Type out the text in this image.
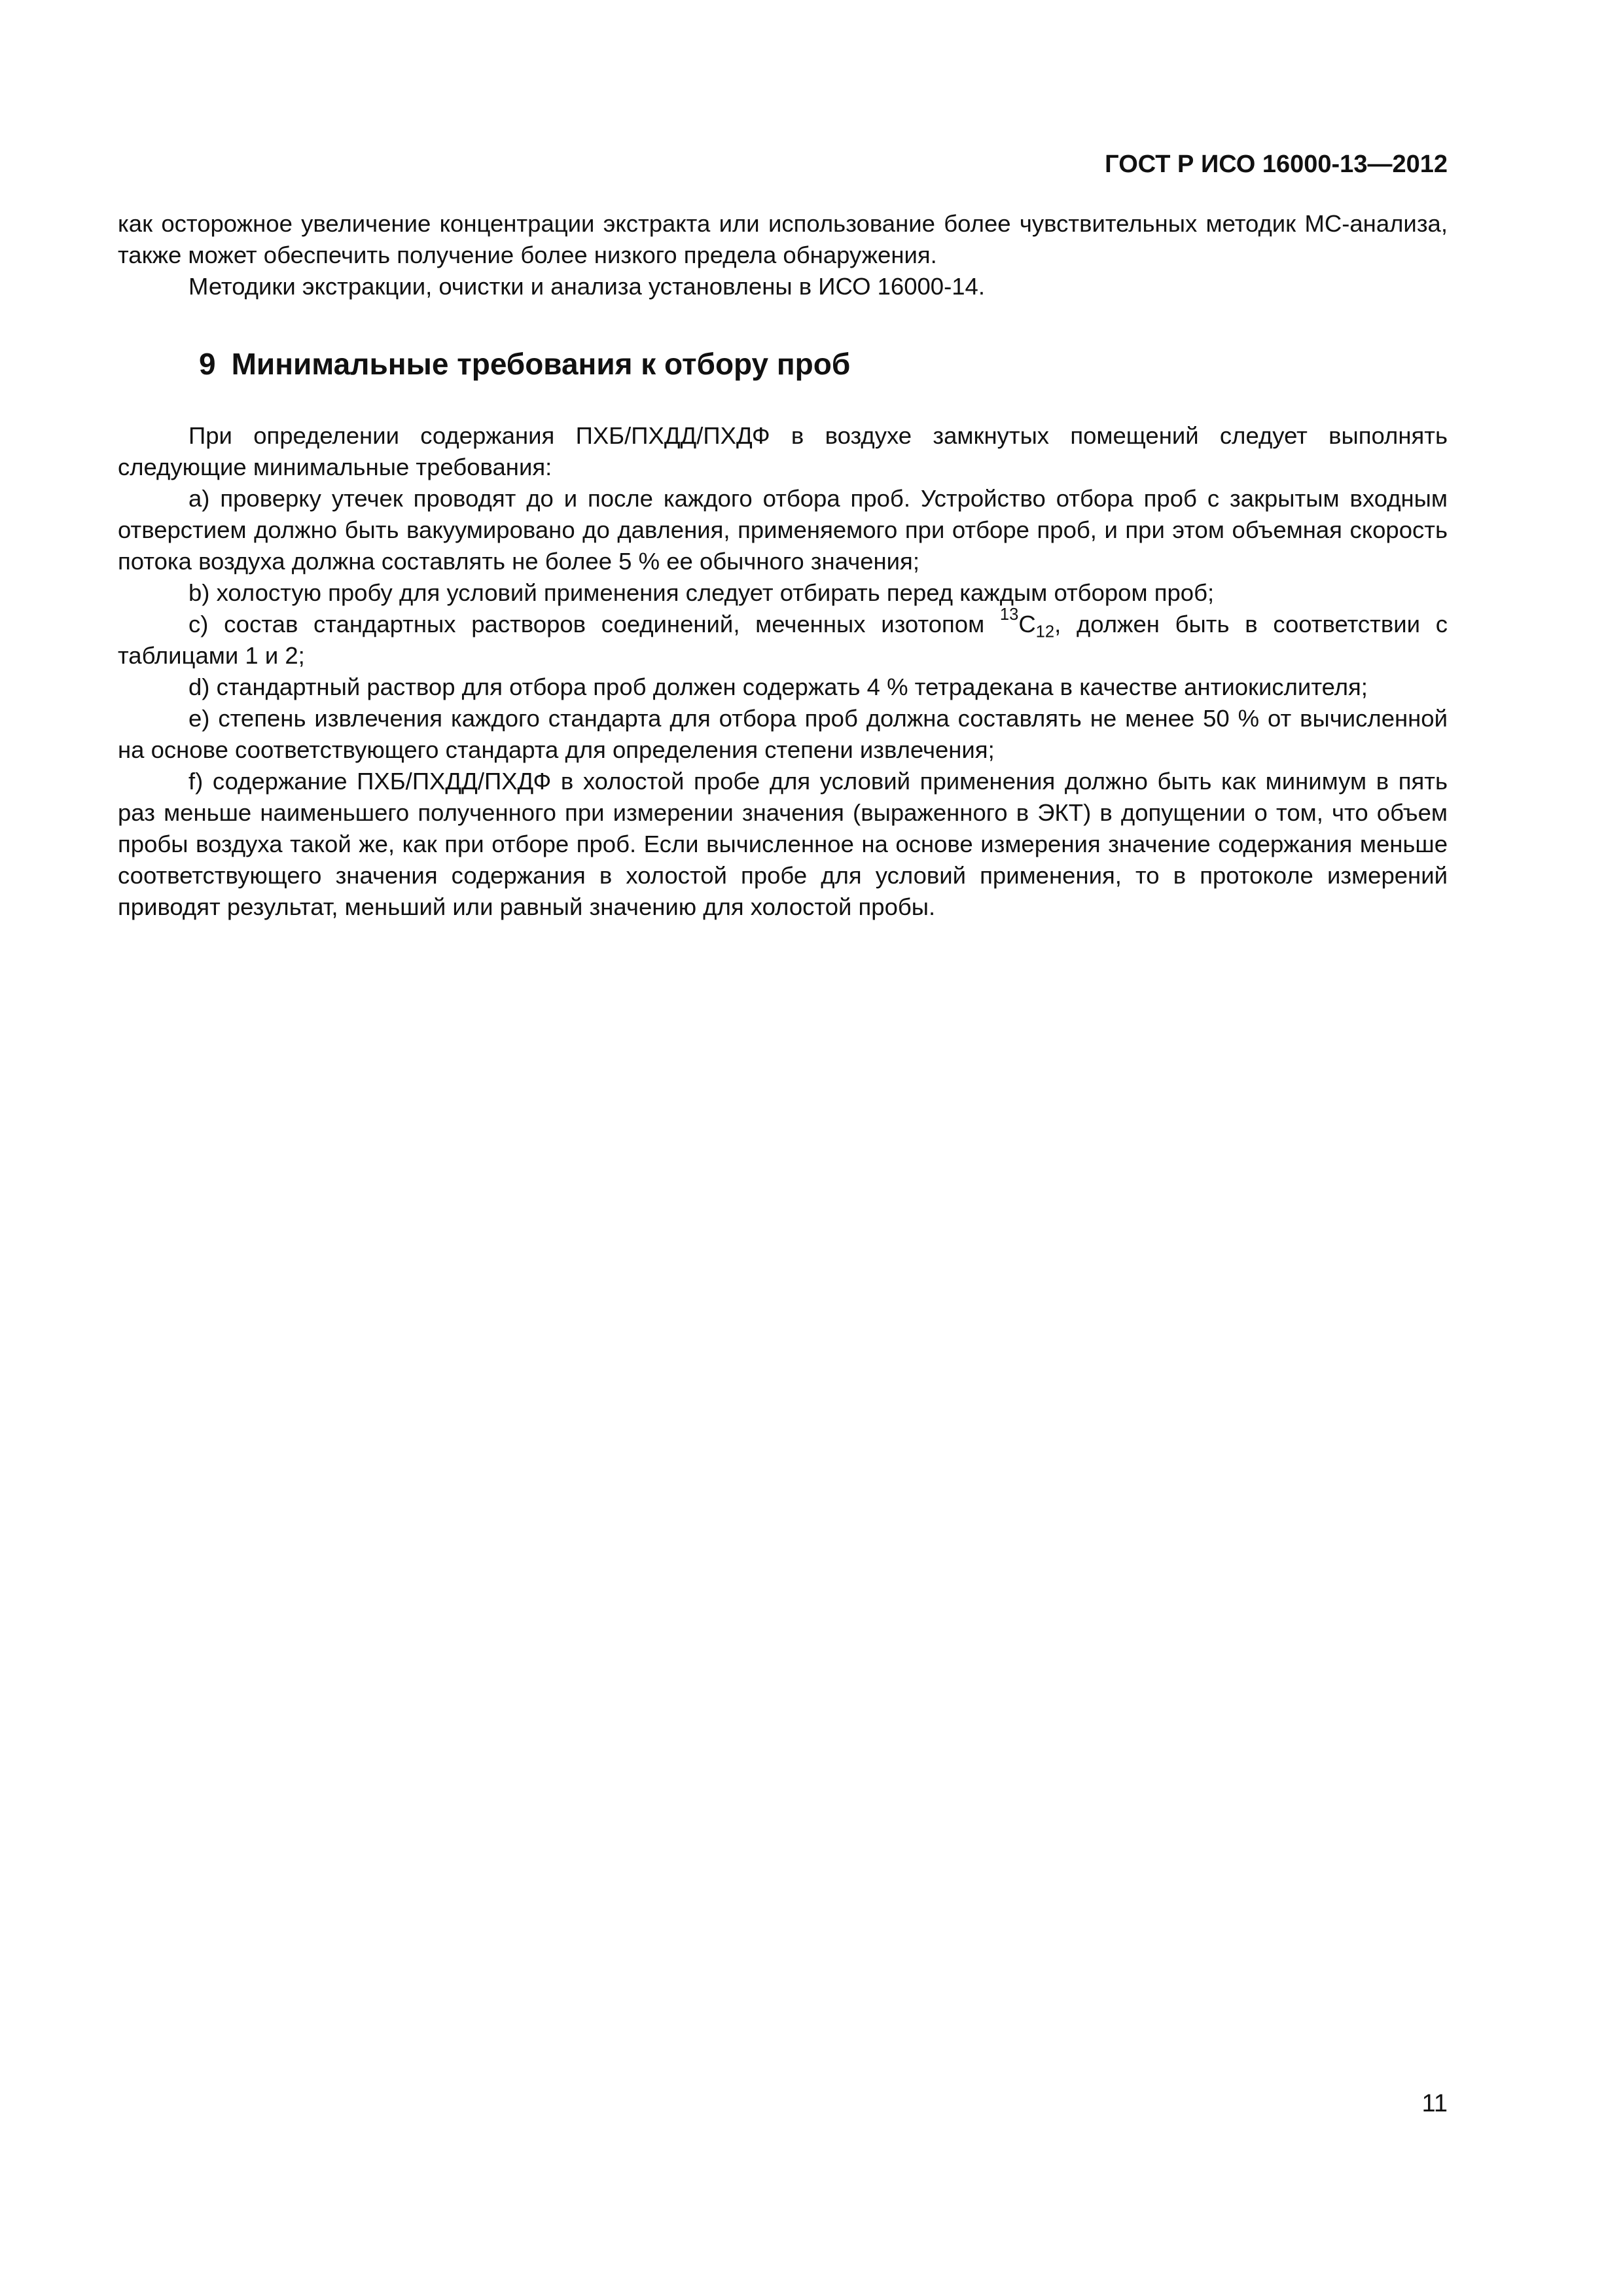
ГОСТ Р ИСО 16000-13—2012

как осторожное увеличение концентрации экстракта или использование более чувствительных методик МС-анализа, также может обеспечить получение более низкого предела обнаружения.

Методики экстракции, очистки и анализа установлены в ИСО 16000-14.

9 Минимальные требования к отбору проб

При определении содержания ПХБ/ПХДД/ПХДФ в воздухе замкнутых помещений следует выполнять следующие минимальные требования:

a) проверку утечек проводят до и после каждого отбора проб. Устройство отбора проб с закрытым входным отверстием должно быть вакуумировано до давления, применяемого при отборе проб, и при этом объемная скорость потока воздуха должна составлять не более 5 % ее обычного значения;

b) холостую пробу для условий применения следует отбирать перед каждым отбором проб;

c) состав стандартных растворов соединений, меченных изотопом $^{13}C_{12}$, должен быть в соответствии с таблицами 1 и 2;

d) стандартный раствор для отбора проб должен содержать 4 % тетрадекана в качестве антиокислителя;

e) степень извлечения каждого стандарта для отбора проб должна составлять не менее 50 % от вычисленной на основе соответствующего стандарта для определения степени извлечения;

f) содержание ПХБ/ПХДД/ПХДФ в холостой пробе для условий применения должно быть как минимум в пять раз меньше наименьшего полученного при измерении значения (выраженного в ЭКТ) в допущении о том, что объем пробы воздуха такой же, как при отборе проб. Если вычисленное на основе измерения значение содержания меньше соответствующего значения содержания в холостой пробе для условий применения, то в протоколе измерений приводят результат, меньший или равный значению для холостой пробы.

11
